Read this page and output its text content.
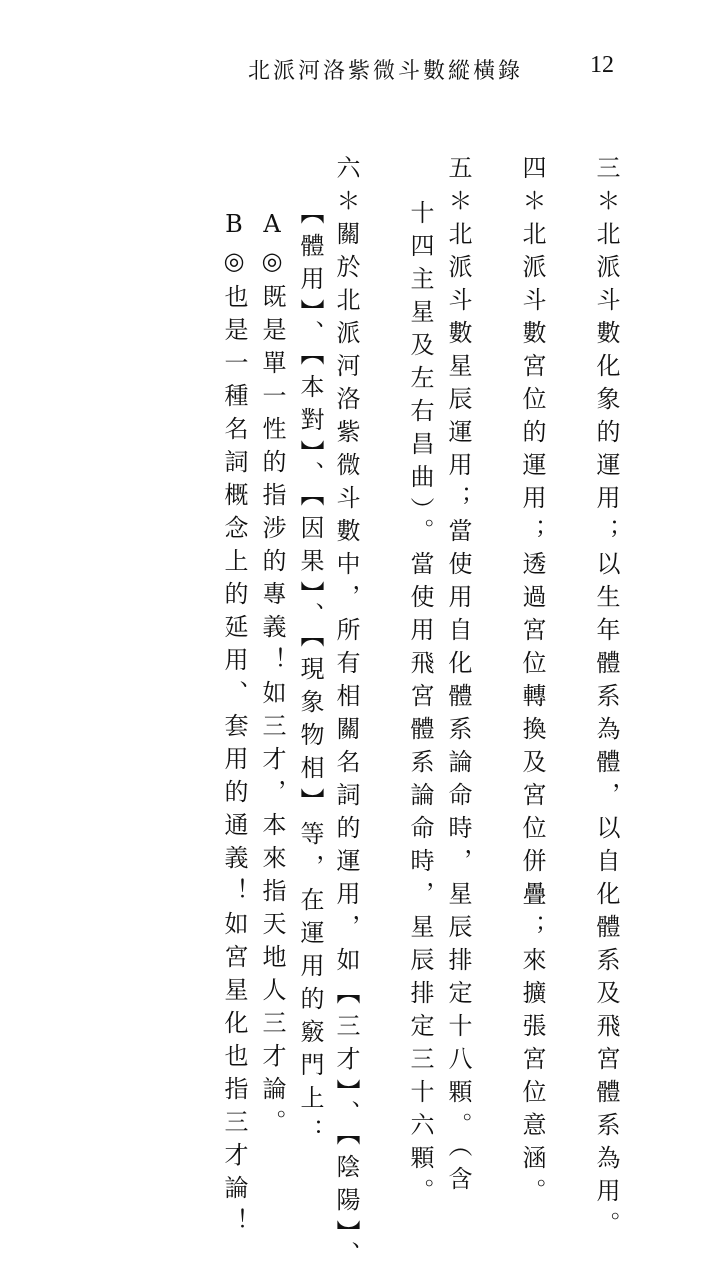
北派河洛紫微斗數縱橫錄	12
三＊北派斗數化象的運用；以生年體系為體，以自化體系及飛宮體系為用。
四＊北派斗數宮位的運用；透過宮位轉換及宮位併疊；來擴張宮位意涵。
五＊北派斗數星辰運用；當使用自化體系論命時，星辰排定十八顆。（含
十四主星及左右昌曲）。當使用飛宮體系論命時，星辰排定三十六顆。
六＊關於北派河洛紫微斗數中，所有相關名詞的運用，如【三才】、【陰陽】、
【體用】、【本對】、【因果】、【現象物相】等，在運用的竅門上：
A◎既是單一性的指涉的專義！如三才，本來指天地人三才論。
B◎也是一種名詞概念上的延用、套用的通義！如宮星化也指三才論！
